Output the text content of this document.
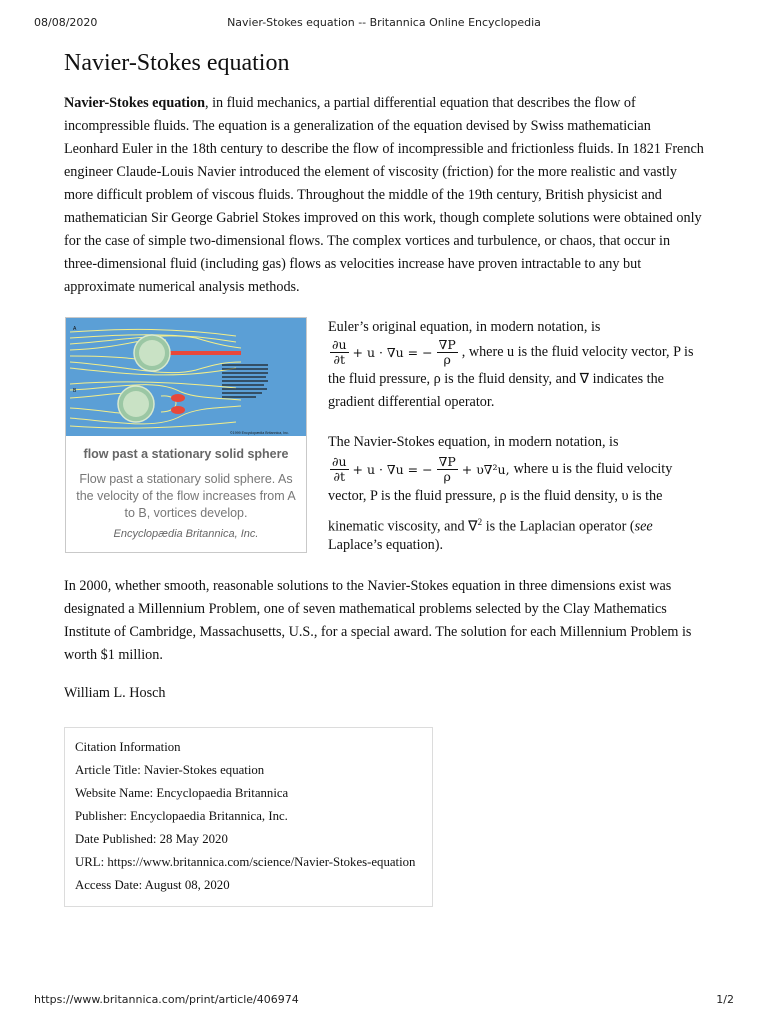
08/08/2020	Navier-Stokes equation -- Britannica Online Encyclopedia
Navier-Stokes equation

Navier-Stokes equation, in fluid mechanics, a partial differential equation that describes the flow of incompressible fluids. The equation is a generalization of the equation devised by Swiss mathematician Leonhard Euler in the 18th century to describe the flow of incompressible and frictionless fluids. In 1821 French engineer Claude-Louis Navier introduced the element of viscosity (friction) for the more realistic and vastly more difficult problem of viscous fluids. Throughout the middle of the 19th century, British physicist and mathematician Sir George Gabriel Stokes improved on this work, though complete solutions were obtained only for the case of simple two-dimensional flows. The complex vortices and turbulence, or chaos, that occur in three-dimensional fluid (including gas) flows as velocities increase have proven intractable to any but approximate numerical analysis methods.

A
B
©1999 Encyclopædia Britannica, Inc.
flow past a stationary solid sphere
Flow past a stationary solid sphere. As the velocity of the flow increases from A to B, vortices develop.
Encyclopædia Britannica, Inc.
Euler’s original equation, in modern notation, is
$\frac{\partial u}{\partial t} + u \cdot \nabla u$ = − $\frac{\nabla P}{\rho}$ , where u is the fluid velocity vector, P is
the fluid pressure, ρ is the fluid density, and ∇ indicates the
gradient differential operator.
The Navier-Stokes equation, in modern notation, is
$\frac{\partial u}{\partial t} + u \cdot \nabla u$ = − $\frac{\nabla P}{\rho} + \upsilon\nabla^2u$, where u is the fluid velocity
vector, P is the fluid pressure, ρ is the fluid density, υ is the
kinematic viscosity, and ∇$^2$ is the Laplacian operator (see
Laplace’s equation).

In 2000, whether smooth, reasonable solutions to the Navier-Stokes equation in three dimensions exist was designated a Millennium Problem, one of seven mathematical problems selected by the Clay Mathematics Institute of Cambridge, Massachusetts, U.S., for a special award. The solution for each Millennium Problem is worth $1 million.

William L. Hosch
Citation Information
Article Title: Navier-Stokes equation
Website Name: Encyclopaedia Britannica
Publisher: Encyclopaedia Britannica, Inc.
Date Published: 28 May 2020
URL: https://www.britannica.com/science/Navier-Stokes-equation
Access Date: August 08, 2020
https://www.britannica.com/print/article/406974	1/2
